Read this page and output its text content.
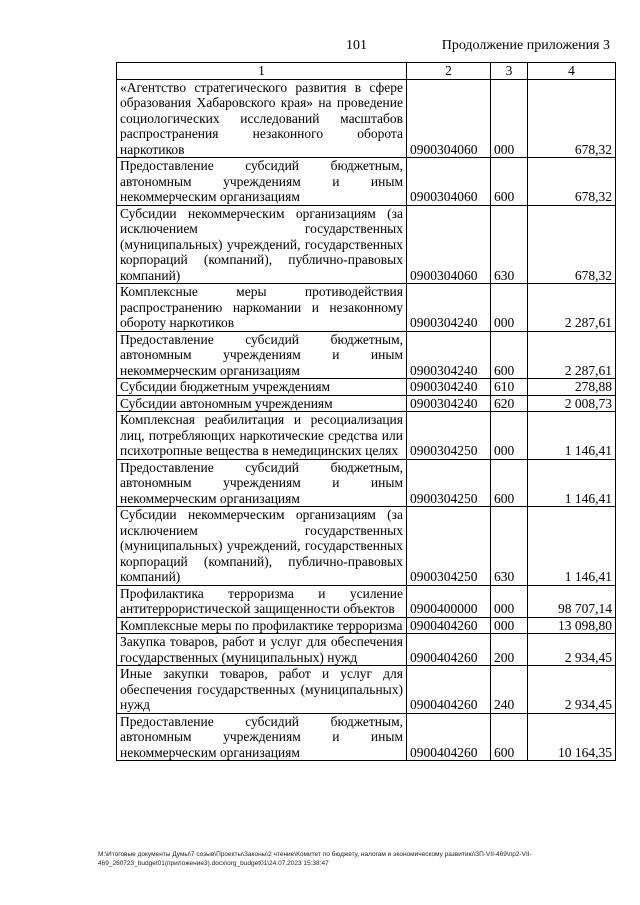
101	Продолжение приложения 3
1	2	3	4
«Агентство стратегического развития в сфере образования Хабаровского края» на проведение социологических исследований масштабов распространения незаконного оборота наркотиков	0900304060	000	678,32
Предоставление субсидий бюджетным, автономным учреждениям и иным некоммерческим организациям	0900304060	600	678,32
Субсидии некоммерческим организациям (за исключением государственных (муниципальных) учреждений, государственных корпораций (компаний), публично-правовых компаний)	0900304060	630	678,32
Комплексные меры противодействия распространению наркомании и незаконному обороту наркотиков	0900304240	000	2 287,61
Предоставление субсидий бюджетным, автономным учреждениям и иным некоммерческим организациям	0900304240	600	2 287,61
Субсидии бюджетным учреждениям	0900304240	610	278,88
Субсидии автономным учреждениям	0900304240	620	2 008,73
Комплексная реабилитация и ресоциализация лиц, потребляющих наркотические средства или психотропные вещества в немедицинских целях	0900304250	000	1 146,41
Предоставление субсидий бюджетным, автономным учреждениям и иным некоммерческим организациям	0900304250	600	1 146,41
Субсидии некоммерческим организациям (за исключением государственных (муниципальных) учреждений, государственных корпораций (компаний), публично-правовых компаний)	0900304250	630	1 146,41
Профилактика терроризма и усиление антитеррористической защищенности объектов	0900400000	000	98 707,14
Комплексные меры по профилактике терроризма	0900404260	000	13 098,80
Закупка товаров, работ и услуг для обеспечения государственных (муниципальных) нужд	0900404260	200	2 934,45
Иные закупки товаров, работ и услуг для обеспечения государственных (муниципальных) нужд	0900404260	240	2 934,45
Предоставление субсидий бюджетным, автономным учреждениям и иным некоммерческим организациям	0900404260	600	10 164,35
М:\Итоговые документы Думы\7 созыв\Проекты\Законы\2 чтение\Комитет по бюджету, налогам и экономическому развитию\ЗП-VII-469\пр2-VII-469_260723_budget01(приложение3).docx\org_budget01\24.07.2023 15:38:47
